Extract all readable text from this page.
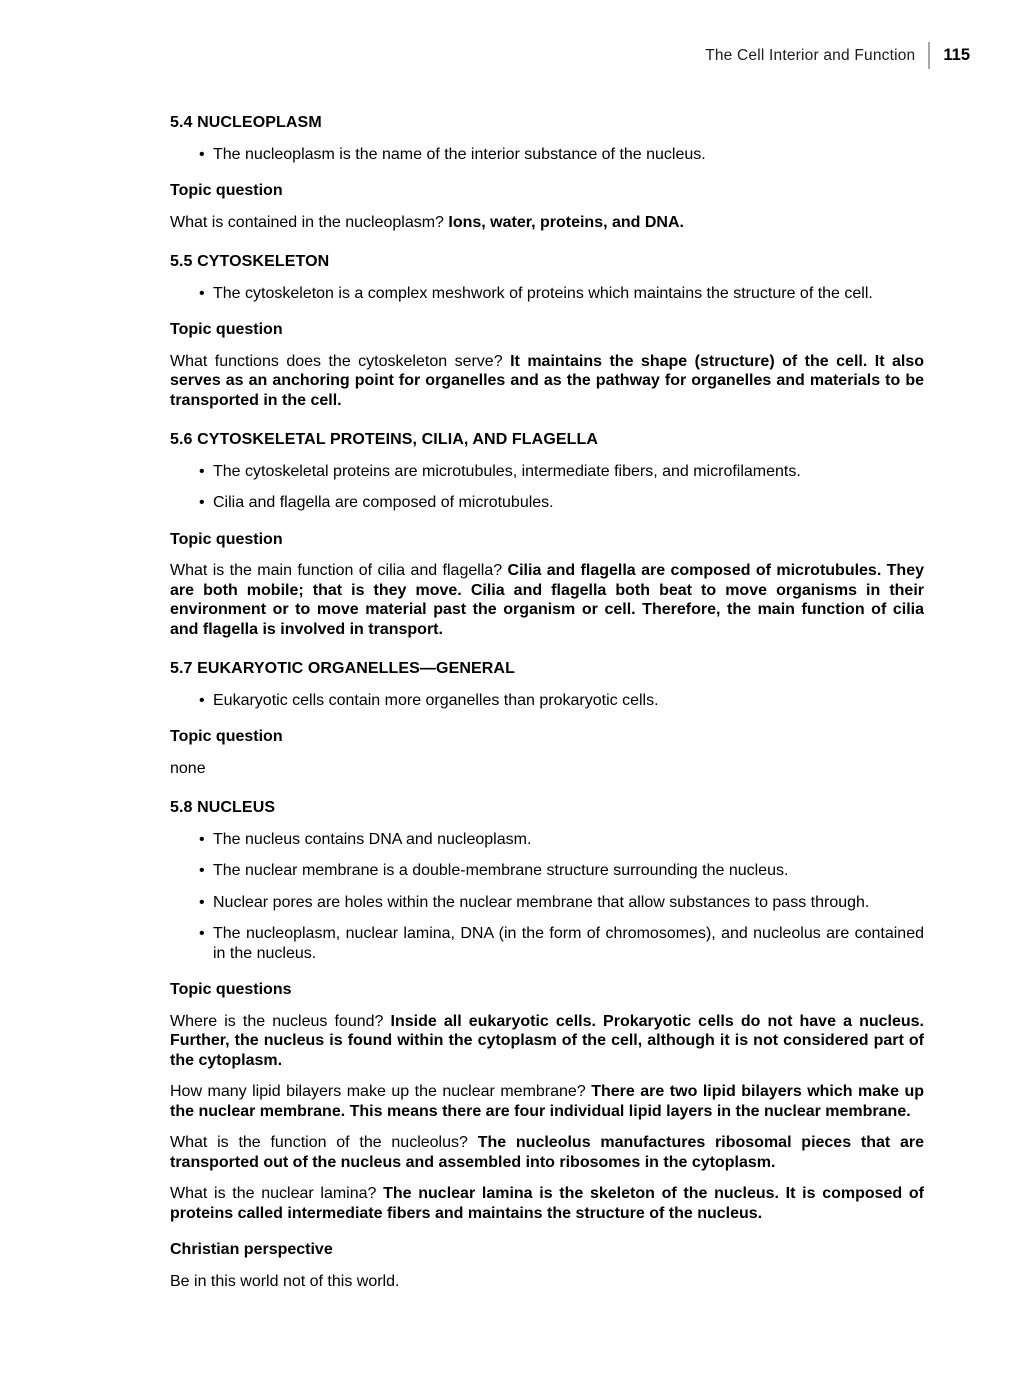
The Cell Interior and Function 115
5.4 NUCLEOPLASM
• The nucleoplasm is the name of the interior substance of the nucleus.
Topic question

What is contained in the nucleoplasm? Ions, water, proteins, and DNA.

5.5 CYTOSKELETON
• The cytoskeleton is a complex meshwork of proteins which maintains the structure of the cell.
Topic question

What functions does the cytoskeleton serve? It maintains the shape (structure) of the cell. It also serves as an anchoring point for organelles and as the pathway for organelles and materials to be transported in the cell.

5.6 CYTOSKELETAL PROTEINS, CILIA, AND FLAGELLA
• The cytoskeletal proteins are microtubules, intermediate fibers, and microfilaments.
• Cilia and flagella are composed of microtubules.
Topic question

What is the main function of cilia and flagella? Cilia and flagella are composed of microtubules. They are both mobile; that is they move. Cilia and flagella both beat to move organisms in their environment or to move material past the organism or cell. Therefore, the main function of cilia and flagella is involved in transport.

5.7 EUKARYOTIC ORGANELLES—GENERAL
• Eukaryotic cells contain more organelles than prokaryotic cells.
Topic question

none

5.8 NUCLEUS
• The nucleus contains DNA and nucleoplasm.
• The nuclear membrane is a double-membrane structure surrounding the nucleus.
• Nuclear pores are holes within the nuclear membrane that allow substances to pass through.
• The nucleoplasm, nuclear lamina, DNA (in the form of chromosomes), and nucleolus are contained in the nucleus.
Topic questions

Where is the nucleus found? Inside all eukaryotic cells. Prokaryotic cells do not have a nucleus. Further, the nucleus is found within the cytoplasm of the cell, although it is not considered part of the cytoplasm.

How many lipid bilayers make up the nuclear membrane? There are two lipid bilayers which make up the nuclear membrane. This means there are four individual lipid layers in the nuclear membrane.

What is the function of the nucleolus? The nucleolus manufactures ribosomal pieces that are transported out of the nucleus and assembled into ribosomes in the cytoplasm.

What is the nuclear lamina? The nuclear lamina is the skeleton of the nucleus. It is composed of proteins called intermediate fibers and maintains the structure of the nucleus.

Christian perspective

Be in this world not of this world.
